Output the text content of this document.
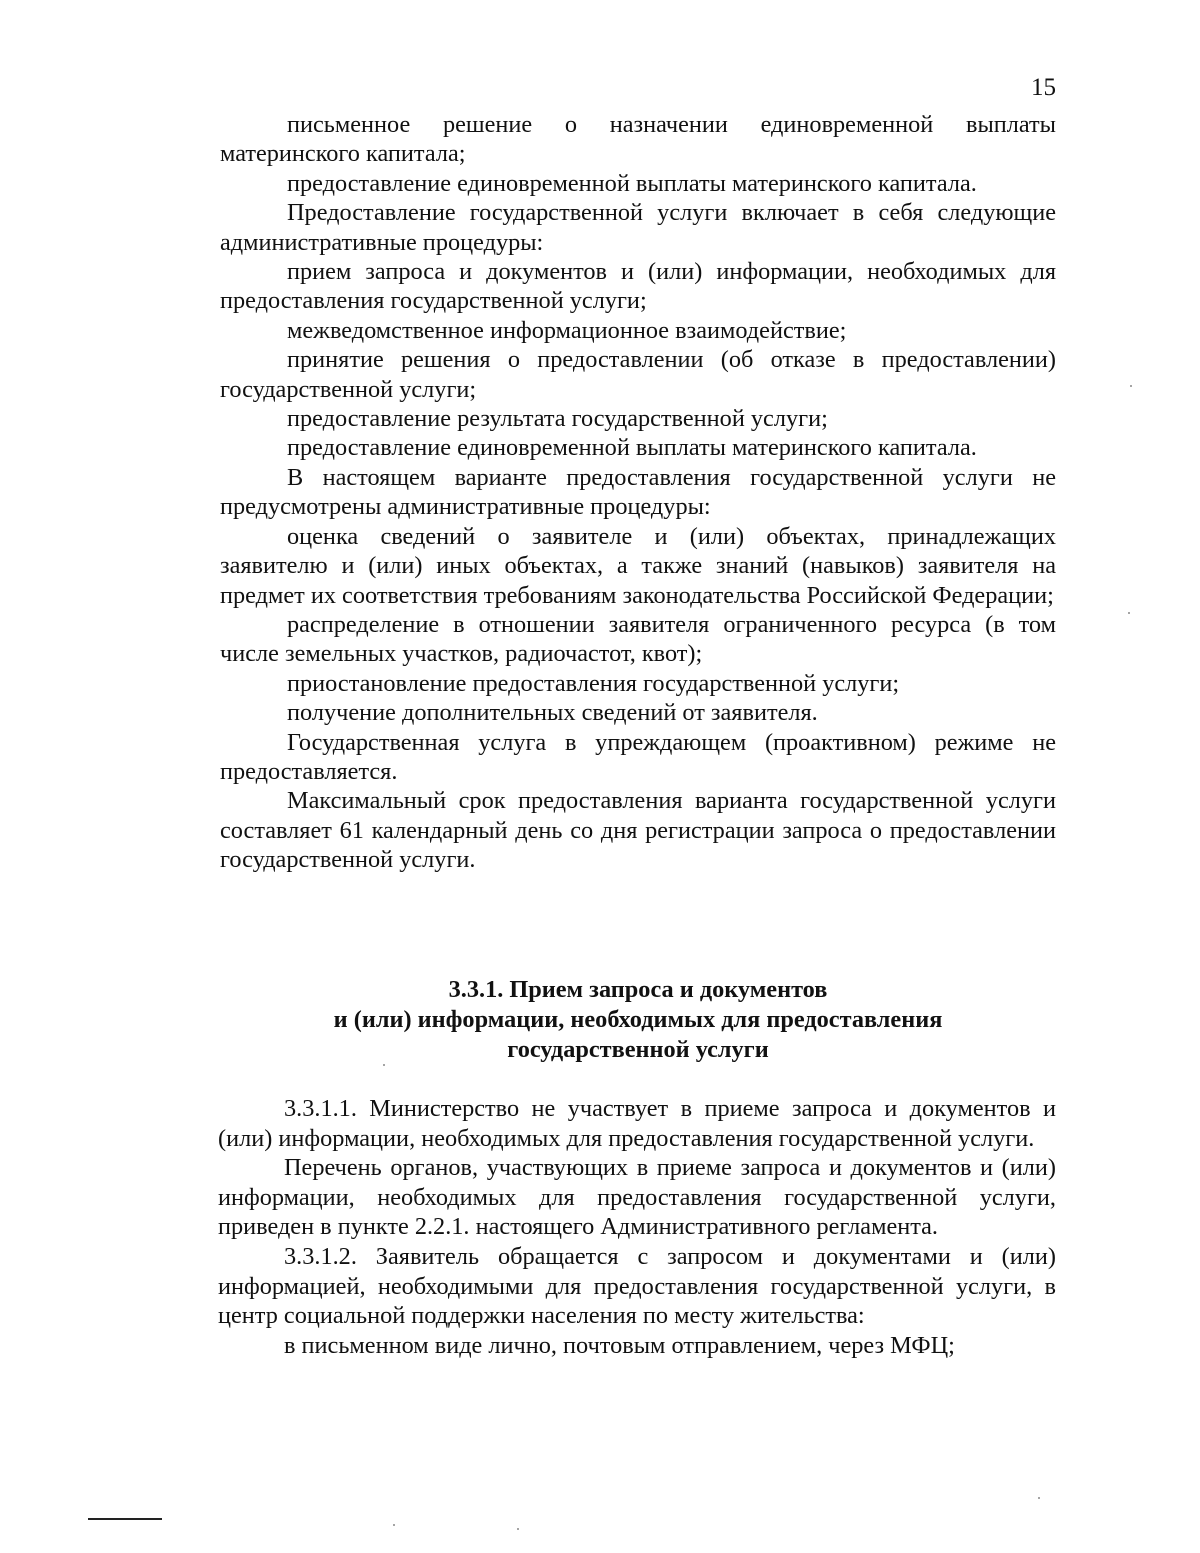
15

письменное решение о назначении единовременной выплаты материнского капитала;

предоставление единовременной выплаты материнского капитала.

Предоставление государственной услуги включает в себя следующие административные процедуры:

прием запроса и документов и (или) информации, необходимых для предоставления государственной услуги;

межведомственное информационное взаимодействие;

принятие решения о предоставлении (об отказе в предоставлении) государственной услуги;

предоставление результата государственной услуги;

предоставление единовременной выплаты материнского капитала.

В настоящем варианте предоставления государственной услуги не предусмотрены административные процедуры:

оценка сведений о заявителе и (или) объектах, принадлежащих заявителю и (или) иных объектах, а также знаний (навыков) заявителя на предмет их соответствия требованиям законодательства Российской Федерации;

распределение в отношении заявителя ограниченного ресурса (в том числе земельных участков, радиочастот, квот);

приостановление предоставления государственной услуги;

получение дополнительных сведений от заявителя.

Государственная услуга в упреждающем (проактивном) режиме не предоставляется.

Максимальный срок предоставления варианта государственной услуги составляет 61 календарный день со дня регистрации запроса о предоставлении государственной услуги.

3.3.1. Прием запроса и документов
и (или) информации, необходимых для предоставления
государственной услуги

3.3.1.1. Министерство не участвует в приеме запроса и документов и (или) информации, необходимых для предоставления государственной услуги.

Перечень органов, участвующих в приеме запроса и документов и (или) информации, необходимых для предоставления государственной услуги, приведен в пункте 2.2.1. настоящего Административного регламента.

3.3.1.2. Заявитель обращается с запросом и документами и (или) информацией, необходимыми для предоставления государственной услуги, в центр социальной поддержки населения по месту жительства:

в письменном виде лично, почтовым отправлением, через МФЦ;
